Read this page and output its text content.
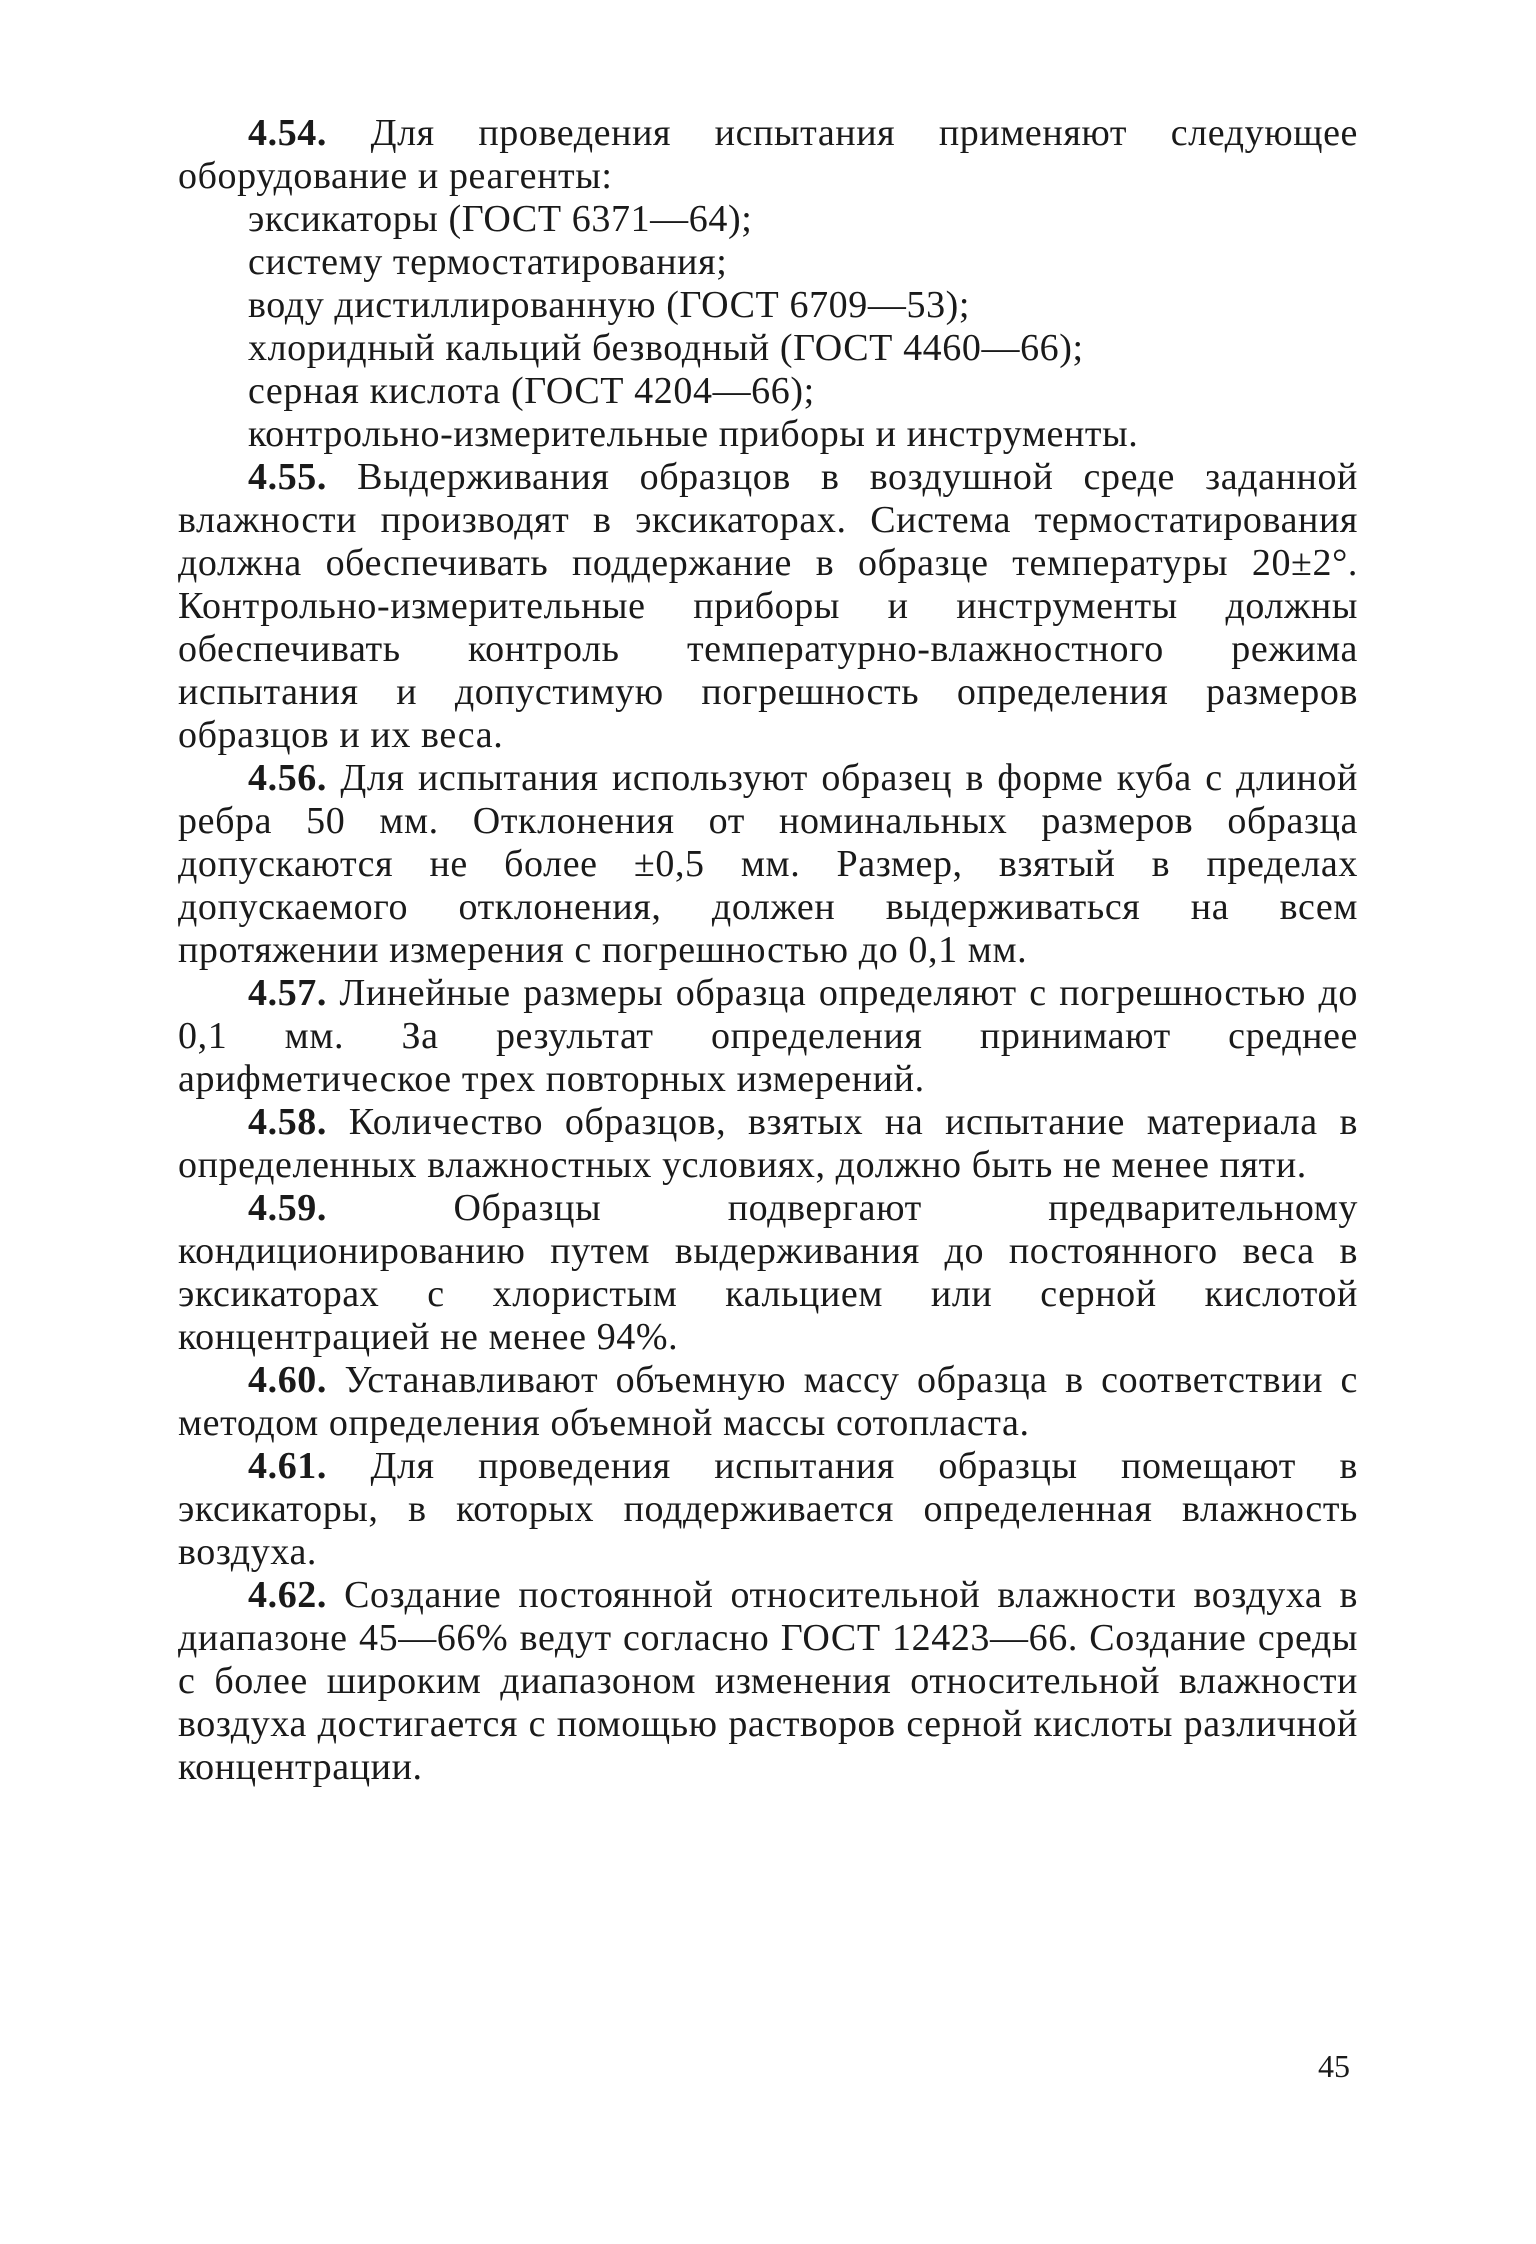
4.54. Для проведения испытания применяют следующее оборудование и реагенты:

эксикаторы (ГОСТ 6371—64);
систему термостатирования;
воду дистиллированную (ГОСТ 6709—53);
хлоридный кальций безводный (ГОСТ 4460—66);
серная кислота (ГОСТ 4204—66);
контрольно-измерительные приборы и инструменты.

4.55. Выдерживания образцов в воздушной среде заданной влажности производят в эксикаторах. Система термостатирования должна обеспечивать поддержание в образце температуры 20±2°. Контрольно-измерительные приборы и инструменты должны обеспечивать контроль температурно-влажностного режима испытания и допустимую погрешность определения размеров образцов и их веса.

4.56. Для испытания используют образец в форме куба с длиной ребра 50 мм. Отклонения от номинальных размеров образца допускаются не более ±0,5 мм. Размер, взятый в пределах допускаемого отклонения, должен выдерживаться на всем протяжении измерения с погрешностью до 0,1 мм.

4.57. Линейные размеры образца определяют с погрешностью до 0,1 мм. За результат определения принимают среднее арифметическое трех повторных измерений.

4.58. Количество образцов, взятых на испытание материала в определенных влажностных условиях, должно быть не менее пяти.

4.59. Образцы подвергают предварительному кондиционированию путем выдерживания до постоянного веса в эксикаторах с хлористым кальцием или серной кислотой концентрацией не менее 94%.

4.60. Устанавливают объемную массу образца в соответствии с методом определения объемной массы сотопласта.

4.61. Для проведения испытания образцы помещают в эксикаторы, в которых поддерживается определенная влажность воздуха.

4.62. Создание постоянной относительной влажности воздуха в диапазоне 45—66% ведут согласно ГОСТ 12423—66. Создание среды с более широким диапазоном изменения относительной влажности воздуха достигается с помощью растворов серной кислоты различной концентрации.

45
